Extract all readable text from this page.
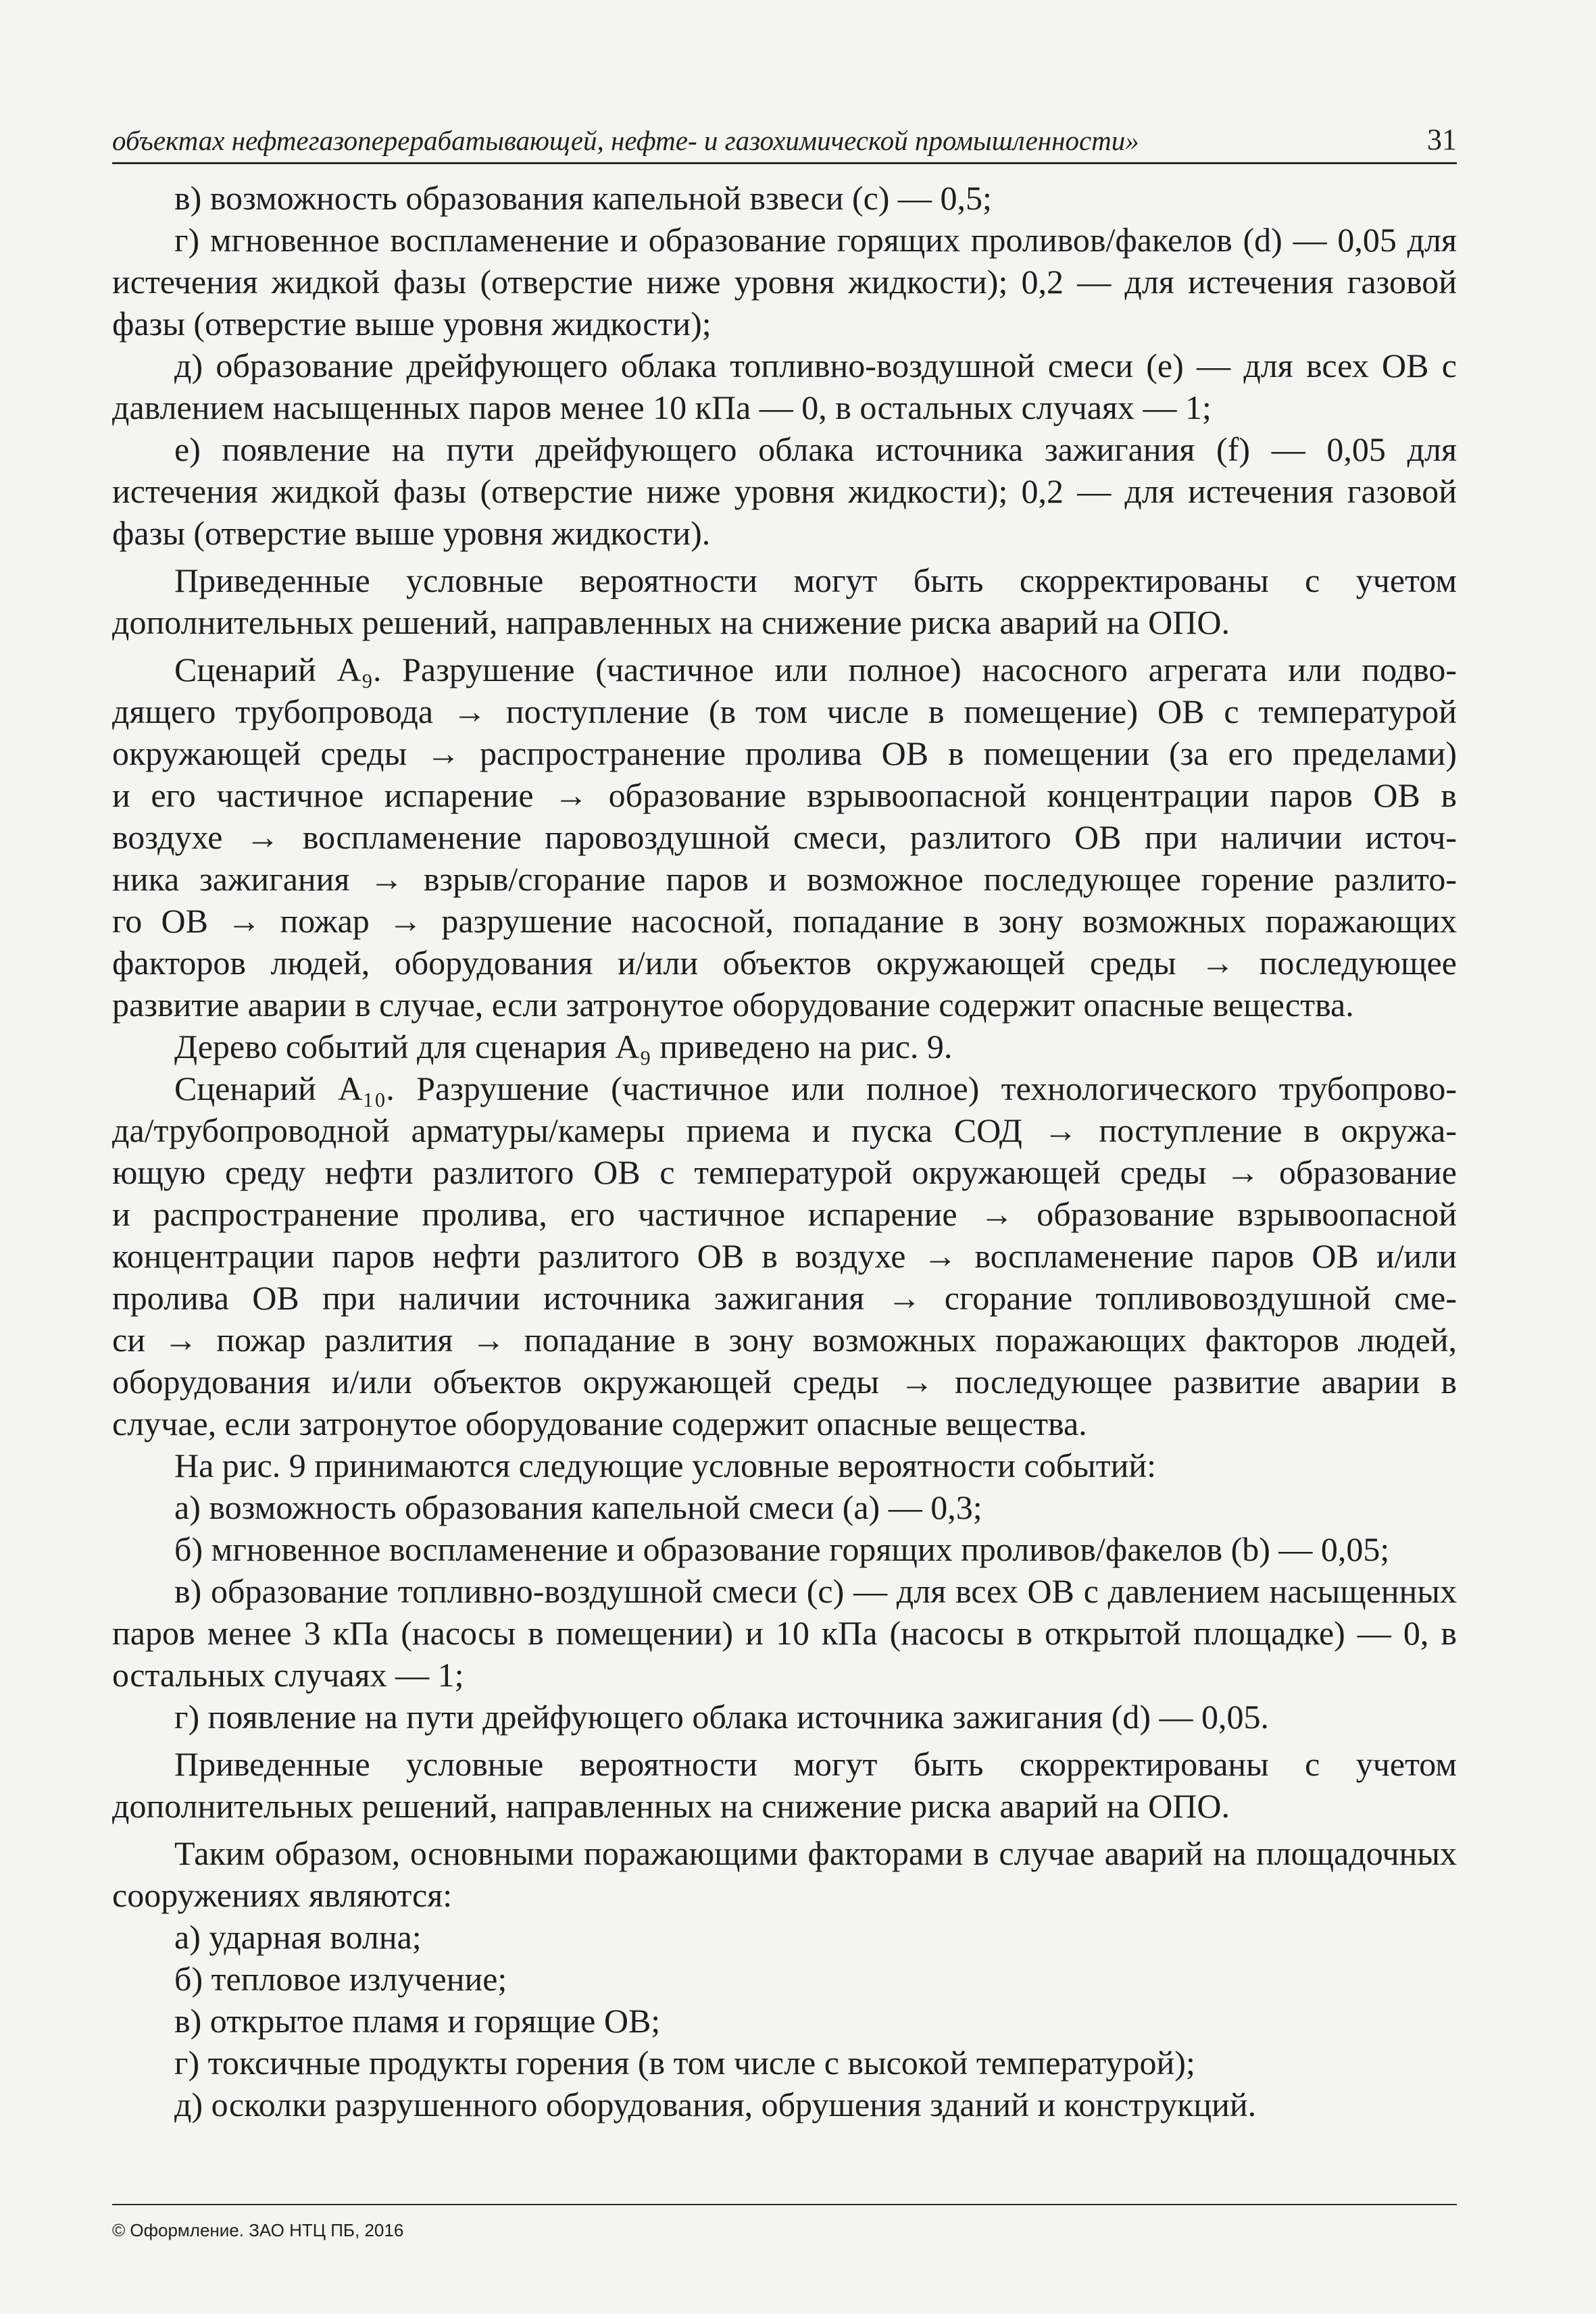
объектах нефтегазоперерабатывающей, нефте- и газохимической промышленности»	31

в) возможность образования капельной взвеси (c) — 0,5;

г) мгновенное воспламенение и образование горящих проливов/факелов (d) — 0,05 для истечения жидкой фазы (отверстие ниже уровня жидкости); 0,2 — для истечения газовой фазы (отверстие выше уровня жидкости);

д) образование дрейфующего облака топливно-воздушной смеси (e) — для всех ОВ с давлением насыщенных паров менее 10 кПа — 0, в остальных случаях — 1;

е) появление на пути дрейфующего облака источника зажигания (f) — 0,05 для истечения жидкой фазы (отверстие ниже уровня жидкости); 0,2 — для истечения газовой фазы (отверстие выше уровня жидкости).

Приведенные условные вероятности могут быть скорректированы с учетом дополнительных решений, направленных на снижение риска аварий на ОПО.

Сценарий А₉. Разрушение (частичное или полное) насосного агрегата или подво-
дящего трубопровода → поступление (в том числе в помещение) ОВ с температурой
окружающей среды → распространение пролива ОВ в помещении (за его пределами)
и его частичное испарение → образование взрывоопасной концентрации паров ОВ в
воздухе → воспламенение паровоздушной смеси, разлитого ОВ при наличии источ-
ника зажигания → взрыв/сгорание паров и возможное последующее горение разлито-
го ОВ → пожар → разрушение насосной, попадание в зону возможных поражающих
факторов людей, оборудования и/или объектов окружающей среды → последующее
развитие аварии в случае, если затронутое оборудование содержит опасные вещества.

Дерево событий для сценария А₉ приведено на рис. 9.

Сценарий А₁₀. Разрушение (частичное или полное) технологического трубопрово-
да/трубопроводной арматуры/камеры приема и пуска СОД → поступление в окружа-
ющую среду нефти разлитого ОВ с температурой окружающей среды → образование
и распространение пролива, его частичное испарение → образование взрывоопасной
концентрации паров нефти разлитого ОВ в воздухе → воспламенение паров ОВ и/или
пролива ОВ при наличии источника зажигания → сгорание топливовоздушной сме-
си → пожар разлития → попадание в зону возможных поражающих факторов людей,
оборудования и/или объектов окружающей среды → последующее развитие аварии в
случае, если затронутое оборудование содержит опасные вещества.

На рис. 9 принимаются следующие условные вероятности событий:

а) возможность образования капельной смеси (a) — 0,3;

б) мгновенное воспламенение и образование горящих проливов/факелов (b) — 0,05;

в) образование топливно-воздушной смеси (c) — для всех ОВ с давлением насыщенных паров менее 3 кПа (насосы в помещении) и 10 кПа (насосы в открытой площадке) — 0, в остальных случаях — 1;

г) появление на пути дрейфующего облака источника зажигания (d) — 0,05.

Приведенные условные вероятности могут быть скорректированы с учетом дополнительных решений, направленных на снижение риска аварий на ОПО.

Таким образом, основными поражающими факторами в случае аварий на площадочных сооружениях являются:

а) ударная волна;

б) тепловое излучение;

в) открытое пламя и горящие ОВ;

г) токсичные продукты горения (в том числе с высокой температурой);

д) осколки разрушенного оборудования, обрушения зданий и конструкций.

© Оформление. ЗАО НТЦ ПБ, 2016
